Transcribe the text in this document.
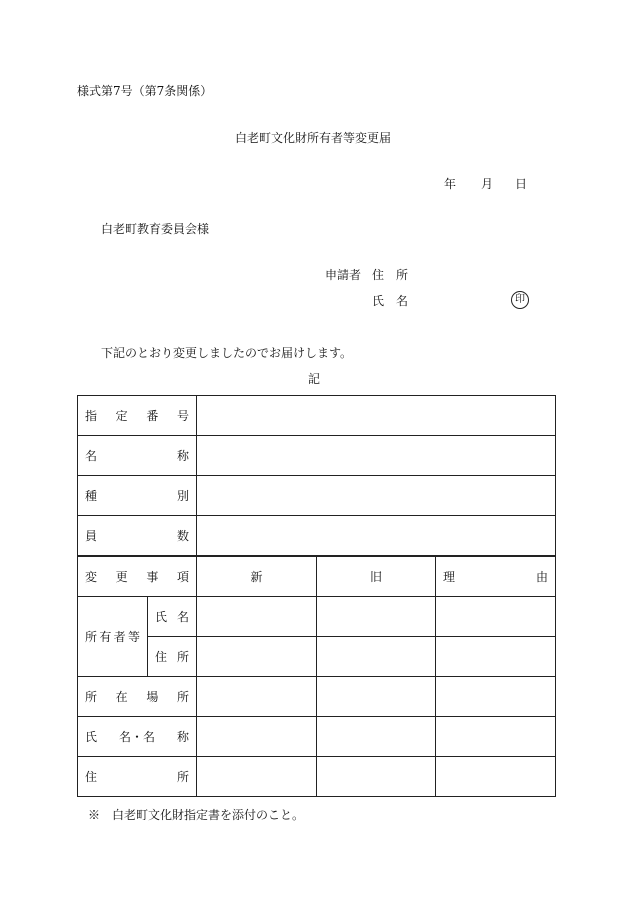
様式第7号（第7条関係）
白老町文化財所有者等変更届
年 月 日
白老町教育委員会様
申請者 住 所
氏 名	印
下記のとおり変更しましたのでお届けします。
記
指 定 番 号				

名 称				

種 別				

員 数				

変 更 事 項		新	旧	理 由

所 有 者 等	氏 名			

	住 所			

所 在 場 所				

氏 名・名 称				

住 所				

※　白老町文化財指定書を添付のこと。
